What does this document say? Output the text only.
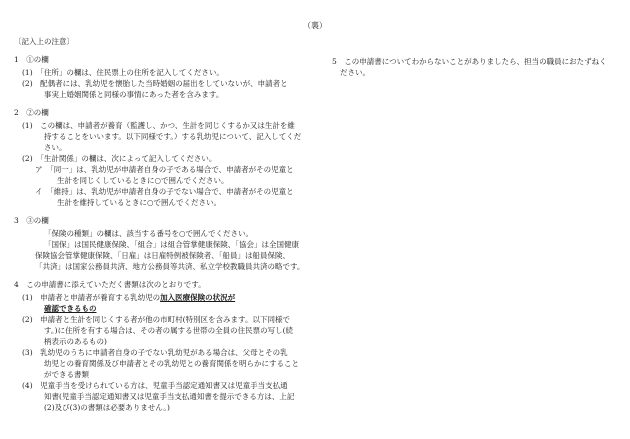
（裏）
〔記入上の注意〕
1　①の欄
(1)　「住所」の欄は、住民票上の住所を記入してください。
(2)　配偶者には、乳幼児を懐胎した当時婚姻の届出をしていないが、申請者と
事実上婚姻関係と同様の事情にあった者を含みます。
2　②の欄
(1)　この欄は、申請者が養育（監護し、かつ、生計を同じくするか又は生計を維
持することをいいます。以下同様です。）する乳幼児について、記入してくだ
さい。
(2)　「生計関係」の欄は、次によって記入してください。
ア　「同一」は、乳幼児が申請者自身の子である場合で、申請者がその児童と
生計を同じくしているときに○で囲んでください。
イ　「維持」は、乳幼児が申請者自身の子でない場合で、申請者がその児童と
生計を維持しているときに○で囲んでください。
3　③の欄
「保険の種類」の欄は、該当する番号を○で囲んでください。
「国保」は国民健康保険、「組合」は組合管掌健康保険、「協会」は全国健康
保険協会管掌健康保険、「日雇」は日雇特例被保険者、「船員」は船員保険、
「共済」は国家公務員共済、地方公務員等共済、私立学校教職員共済の略です。
4　この申請書に添えていただく書類は次のとおりです。
(1)　申請者と申請者が養育する乳幼児の加入医療保険の状況が
確認できるもの
(2)　申請者と生計を同じくする者が他の市町村(特別区を含みます。以下同様で
す。)に住所を有する場合は、その者の属する世帯の全員の住民票の写し(続
柄表示のあるもの)
(3)　乳幼児のうちに申請者自身の子でない乳幼児がある場合は、父母とその乳
幼児との養育関係及び申請者とその乳幼児との養育関係を明らかにすること
ができる書類
(4)　児童手当を受けられている方は、児童手当認定通知書又は児童手当支払通
知書(児童手当認定通知書又は児童手当支払通知書を提示できる方は、上記
(2)及び(3)の書類は必要ありません。)
5　この申請書についてわからないことがありましたら、担当の職員におたずねく
ださい。
